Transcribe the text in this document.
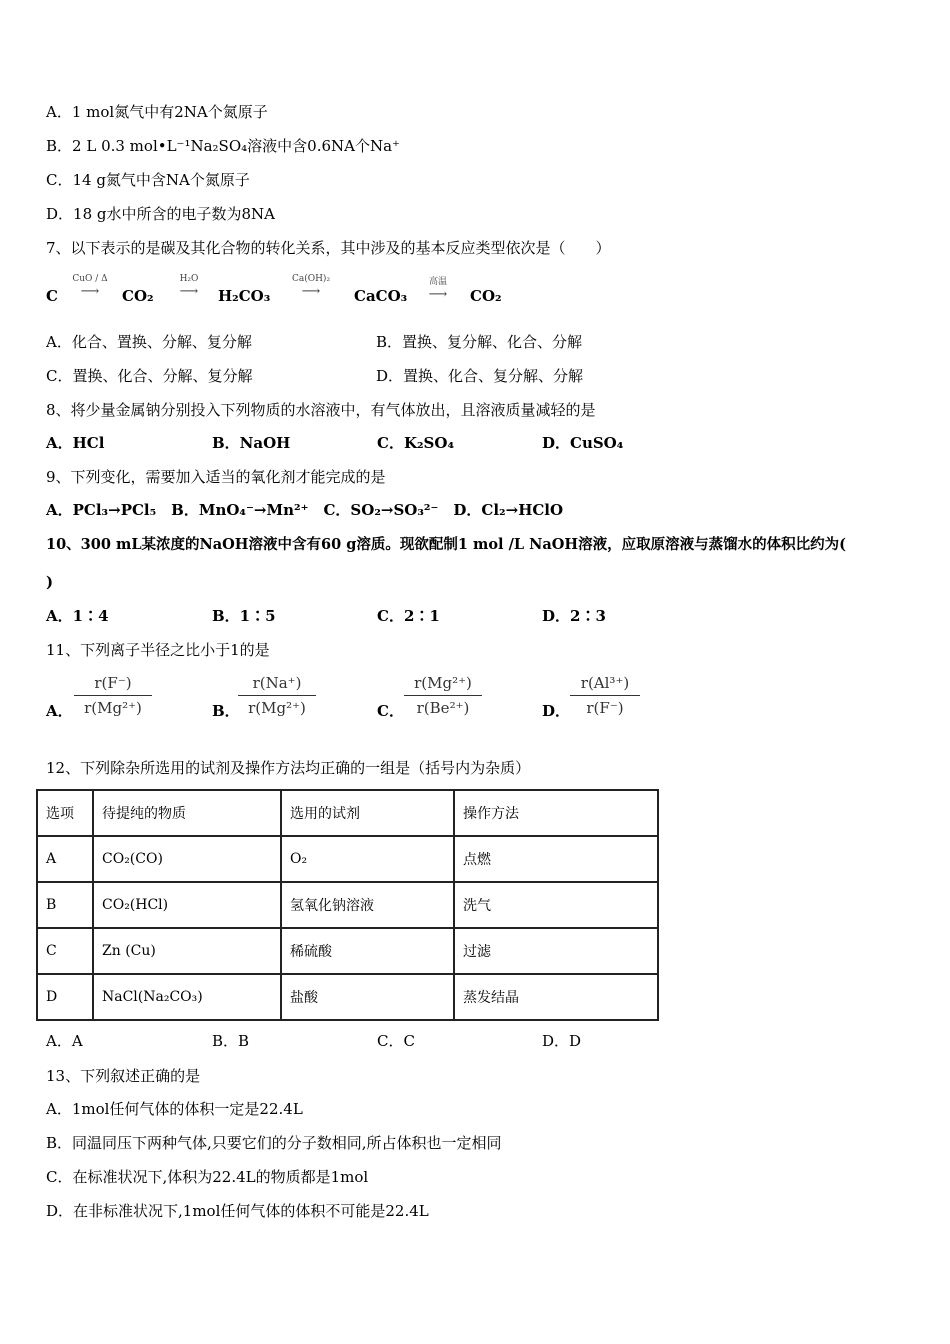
A．1 mol氮气中有2NA个氮原子
B．2 L 0.3 mol•L⁻¹Na₂SO₄溶液中含0.6NA个Na⁺
C．14 g氮气中含NA个氮原子
D．18 g水中所含的电子数为8NA
7、以下表示的是碳及其化合物的转化关系，其中涉及的基本反应类型依次是（　　）
C
CuO / Δ
⟶	CO₂
H₂O
⟶	H₂CO₃
Ca(OH)₂
⟶	CaCO₃
高温
⟶	CO₂
A．化合、置换、分解、复分解	B．置换、复分解、化合、分解
C．置换、化合、分解、复分解	D．置换、化合、复分解、分解
8、将少量金属钠分别投入下列物质的水溶液中，有气体放出，且溶液质量减轻的是
A．HCl	B．NaOH	C．K₂SO₄	D．CuSO₄
9、下列变化，需要加入适当的氧化剂才能完成的是
A．PCl₃→PCl₅　B．MnO₄⁻→Mn²⁺　C．SO₂→SO₃²⁻　D．Cl₂→HClO
10、300 mL某浓度的NaOH溶液中含有60 g溶质。现欲配制1 mol /L NaOH溶液，应取原溶液与蒸馏水的体积比约为(
)
A．1∶4	B．1∶5	C．2∶1	D．2∶3
11、下列离子半径之比小于1的是
A．
r(F⁻)
r(Mg²⁺)	B．
r(Na⁺)
r(Mg²⁺)	C．
r(Mg²⁺)
r(Be²⁺)	D．
r(Al³⁺)
r(F⁻)
12、下列除杂所选用的试剂及操作方法均正确的一组是（括号内为杂质）
选项	待提纯的物质	选用的试剂	操作方法
A	CO₂(CO)	O₂	点燃
B	CO₂(HCl)	氢氧化钠溶液	洗气
C	Zn (Cu)	稀硫酸	过滤
D	NaCl(Na₂CO₃)	盐酸	蒸发结晶
A．A	B．B	C．C	D．D
13、下列叙述正确的是
A．1mol任何气体的体积一定是22.4L
B．同温同压下两种气体,只要它们的分子数相同,所占体积也一定相同
C．在标准状况下,体积为22.4L的物质都是1mol
D．在非标准状况下,1mol任何气体的体积不可能是22.4L
